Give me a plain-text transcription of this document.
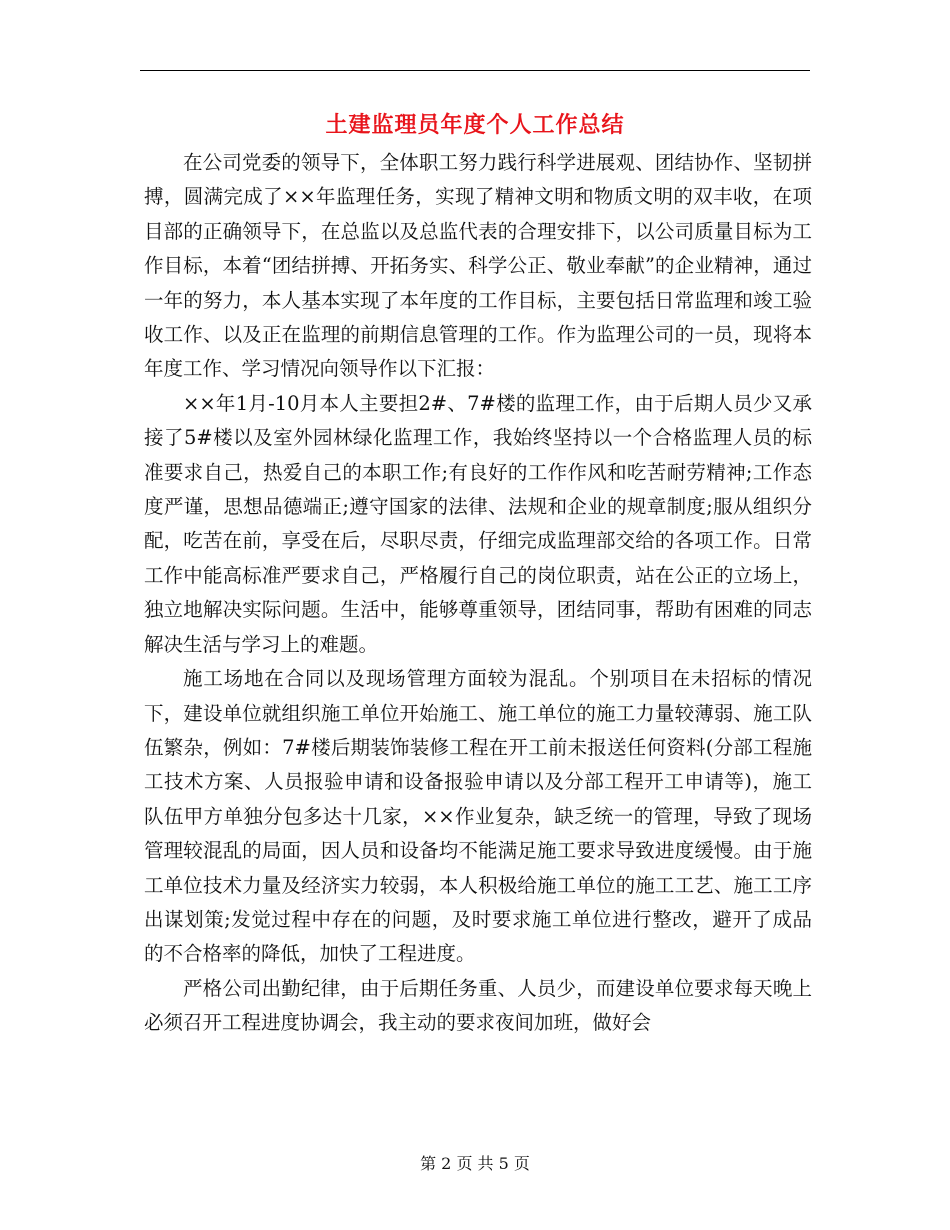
土建监理员年度个人工作总结

在公司党委的领导下，全体职工努力践行科学进展观、团结协作、坚韧拼搏，圆满完成了××年监理任务，实现了精神文明和物质文明的双丰收，在项目部的正确领导下，在总监以及总监代表的合理安排下，以公司质量目标为工作目标，本着“团结拼搏、开拓务实、科学公正、敬业奉献”的企业精神，通过一年的努力，本人基本实现了本年度的工作目标，主要包括日常监理和竣工验收工作、以及正在监理的前期信息管理的工作。作为监理公司的一员，现将本年度工作、学习情况向领导作以下汇报：

××年1月-10月本人主要担2#、7#楼的监理工作，由于后期人员少又承接了5#楼以及室外园林绿化监理工作，我始终坚持以一个合格监理人员的标准要求自己，热爱自己的本职工作;有良好的工作作风和吃苦耐劳精神;工作态度严谨，思想品德端正;遵守国家的法律、法规和企业的规章制度;服从组织分配，吃苦在前，享受在后，尽职尽责，仔细完成监理部交给的各项工作。日常工作中能高标准严要求自己，严格履行自己的岗位职责，站在公正的立场上，独立地解决实际问题。生活中，能够尊重领导，团结同事，帮助有困难的同志解决生活与学习上的难题。

施工场地在合同以及现场管理方面较为混乱。个别项目在未招标的情况下，建设单位就组织施工单位开始施工、施工单位的施工力量较薄弱、施工队伍繁杂，例如：7#楼后期装饰装修工程在开工前未报送任何资料(分部工程施工技术方案、人员报验申请和设备报验申请以及分部工程开工申请等)，施工队伍甲方单独分包多达十几家，××作业复杂，缺乏统一的管理，导致了现场管理较混乱的局面，因人员和设备均不能满足施工要求导致进度缓慢。由于施工单位技术力量及经济实力较弱，本人积极给施工单位的施工工艺、施工工序出谋划策;发觉过程中存在的问题，及时要求施工单位进行整改，避开了成品的不合格率的降低，加快了工程进度。

严格公司出勤纪律，由于后期任务重、人员少，而建设单位要求每天晚上必须召开工程进度协调会，我主动的要求夜间加班，做好会

第 2 页 共 5 页
